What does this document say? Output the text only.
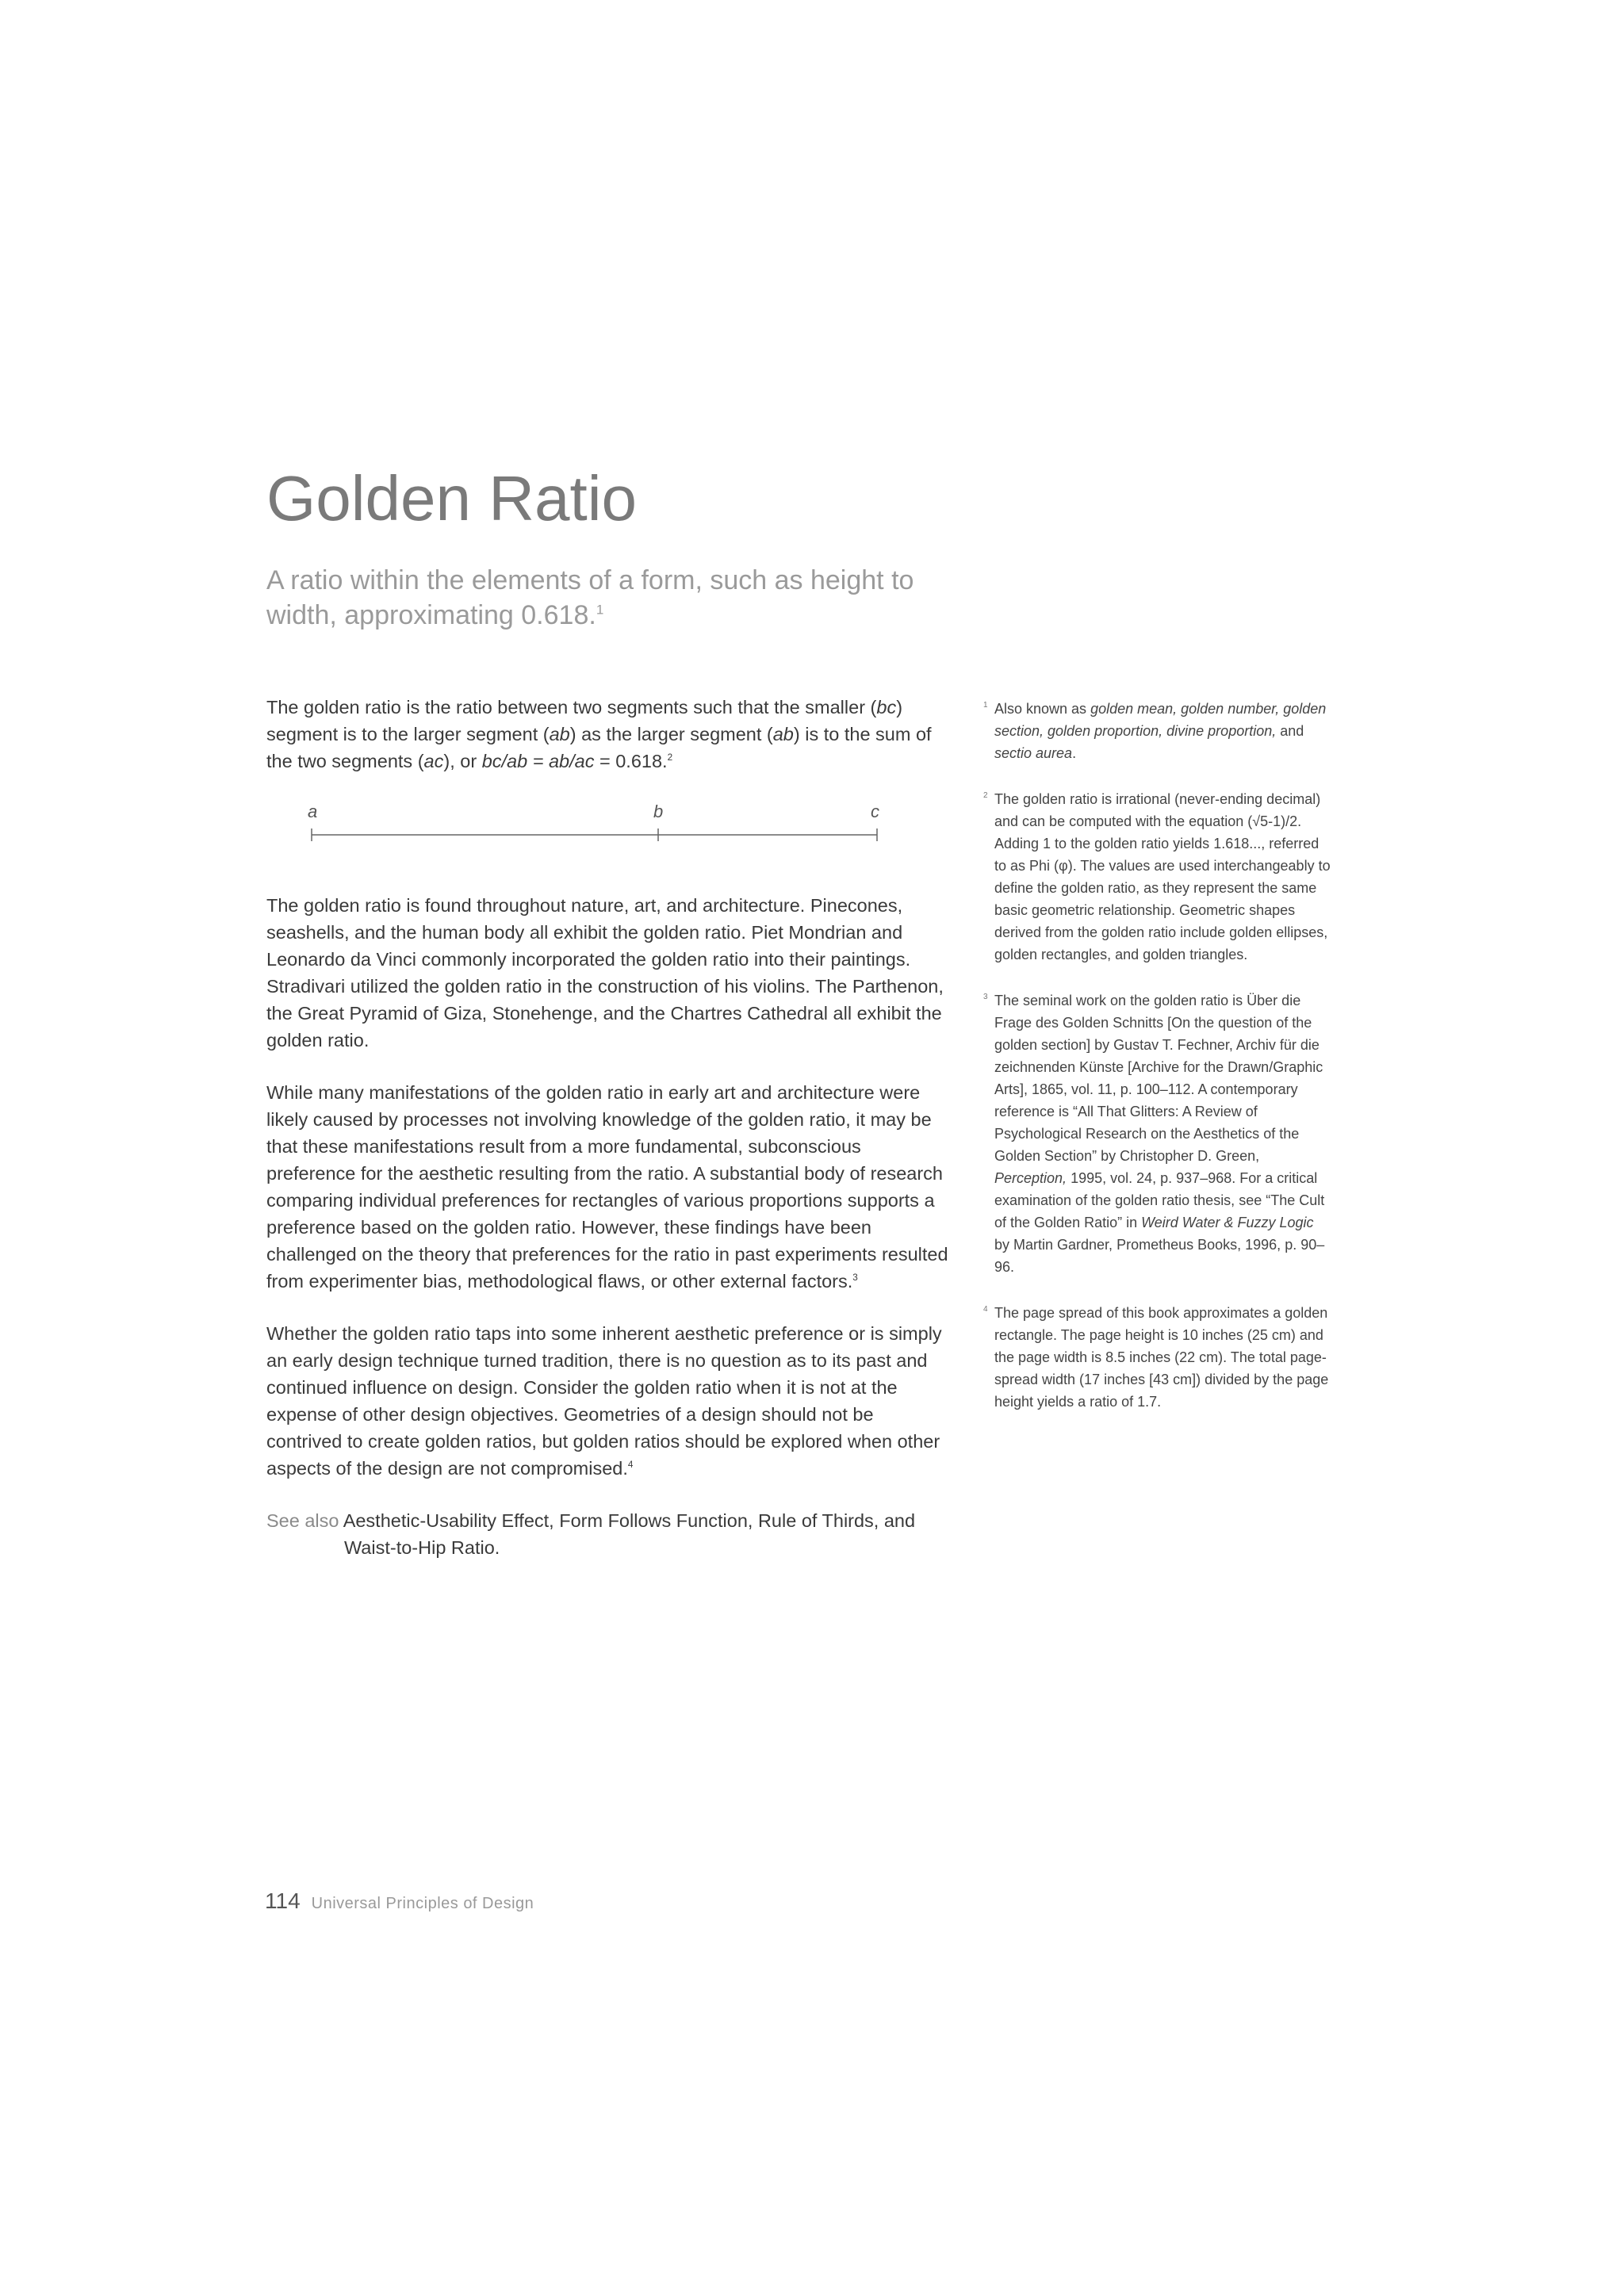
Golden Ratio

A ratio within the elements of a form, such as height to width, approximating 0.618.$^1$

The golden ratio is the ratio between two segments such that the smaller (bc) segment is to the larger segment (ab) as the larger segment (ab) is to the sum of the two segments (ac), or bc/ab = ab/ac = 0.618.$^2$

a	b	c

The golden ratio is found throughout nature, art, and architecture. Pinecones, seashells, and the human body all exhibit the golden ratio. Piet Mondrian and Leonardo da Vinci commonly incorporated the golden ratio into their paintings. Stradivari utilized the golden ratio in the construction of his violins. The Parthenon, the Great Pyramid of Giza, Stonehenge, and the Chartres Cathedral all exhibit the golden ratio.

While many manifestations of the golden ratio in early art and architecture were likely caused by processes not involving knowledge of the golden ratio, it may be that these manifestations result from a more fundamental, subconscious preference for the aesthetic resulting from the ratio. A substantial body of research comparing individual preferences for rectangles of various proportions supports a preference based on the golden ratio. However, these findings have been challenged on the theory that preferences for the ratio in past experiments resulted from experimenter bias, methodological flaws, or other external factors.$^3$

Whether the golden ratio taps into some inherent aesthetic preference or is simply an early design technique turned tradition, there is no question as to its past and continued influence on design. Consider the golden ratio when it is not at the expense of other design objectives. Geometries of a design should not be contrived to create golden ratios, but golden ratios should be explored when other aspects of the design are not compromised.$^4$

See also Aesthetic-Usability Effect, Form Follows Function, Rule of Thirds, and Waist-to-Hip Ratio.

1 Also known as golden mean, golden number, golden section, golden proportion, divine proportion, and sectio aurea.

2 The golden ratio is irrational (never-ending decimal) and can be computed with the equation (√5-1)/2. Adding 1 to the golden ratio yields 1.618..., referred to as Phi (φ). The values are used interchangeably to define the golden ratio, as they represent the same basic geometric relationship. Geometric shapes derived from the golden ratio include golden ellipses, golden rectangles, and golden triangles.

3 The seminal work on the golden ratio is Über die Frage des Golden Schnitts [On the question of the golden section] by Gustav T. Fechner, Archiv für die zeichnenden Künste [Archive for the Drawn/Graphic Arts], 1865, vol. 11, p. 100–112. A contemporary reference is “All That Glitters: A Review of Psychological Research on the Aesthetics of the Golden Section” by Christopher D. Green, Perception, 1995, vol. 24, p. 937–968. For a critical examination of the golden ratio thesis, see “The Cult of the Golden Ratio” in Weird Water & Fuzzy Logic by Martin Gardner, Prometheus Books, 1996, p. 90–96.

4 The page spread of this book approximates a golden rectangle. The page height is 10 inches (25 cm) and the page width is 8.5 inches (22 cm). The total page-spread width (17 inches [43 cm]) divided by the page height yields a ratio of 1.7.

114 Universal Principles of Design
